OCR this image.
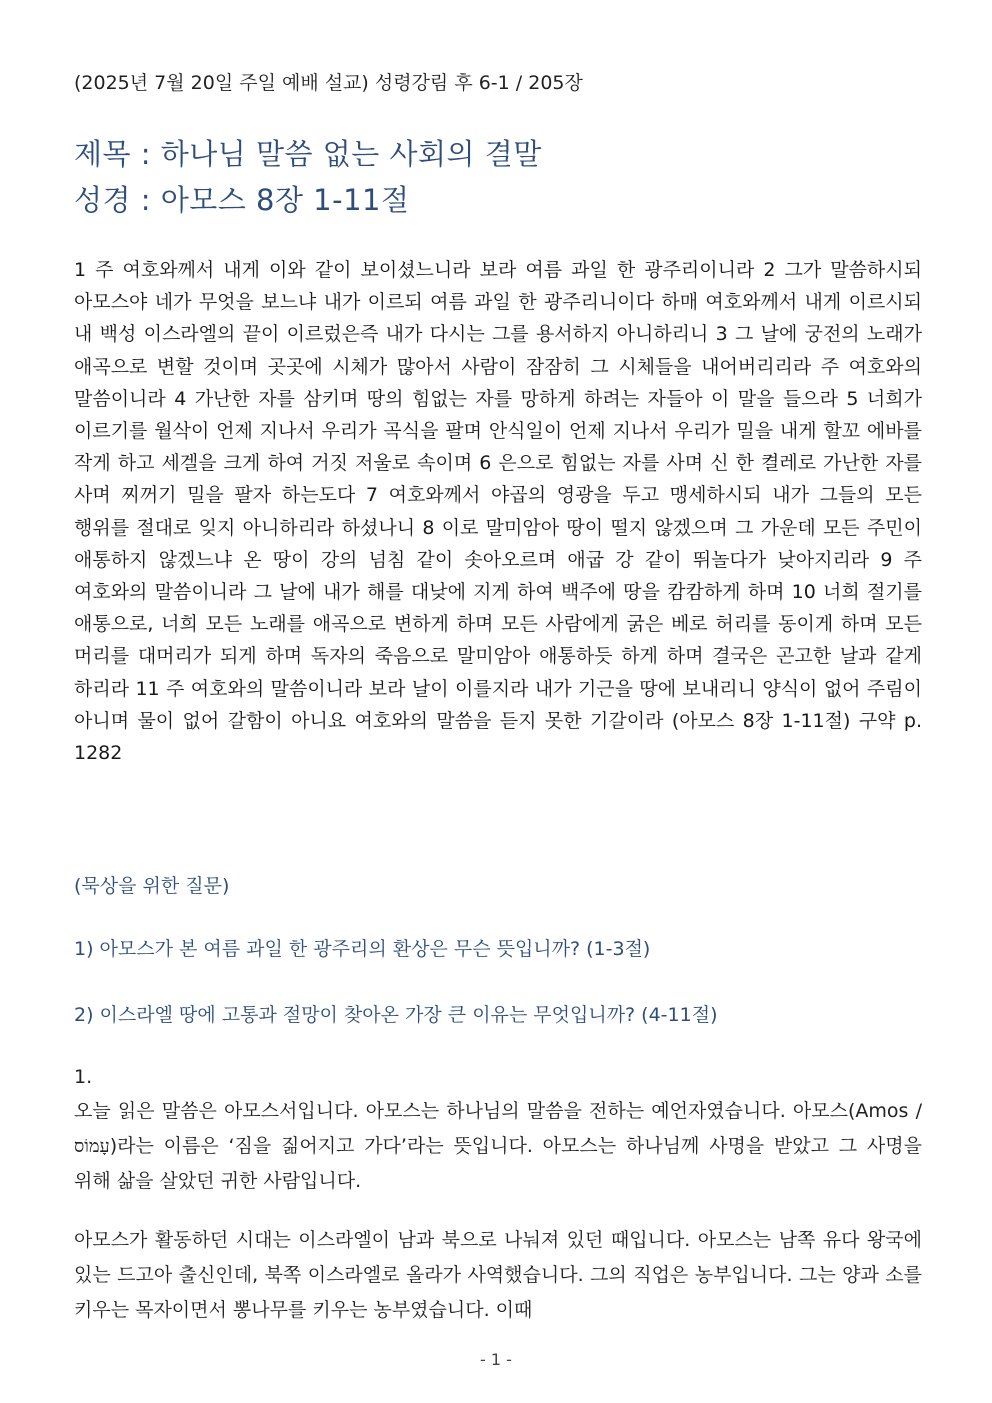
(2025년 7월 20일 주일 예배 설교) 성령강림 후 6-1 / 205장
제목 : 하나님 말씀 없는 사회의 결말
성경 : 아모스 8장 1-11절
1 주 여호와께서 내게 이와 같이 보이셨느니라 보라 여름 과일 한 광주리이니라 2 그가 말씀하시되 아모스야 네가 무엇을 보느냐 내가 이르되 여름 과일 한 광주리니이다 하매 여호와께서 내게 이르시되 내 백성 이스라엘의 끝이 이르렀은즉 내가 다시는 그를 용서하지 아니하리니 3 그 날에 궁전의 노래가 애곡으로 변할 것이며 곳곳에 시체가 많아서 사람이 잠잠히 그 시체들을 내어버리리라 주 여호와의 말씀이니라 4 가난한 자를 삼키며 땅의 힘없는 자를 망하게 하려는 자들아 이 말을 들으라 5 너희가 이르기를 월삭이 언제 지나서 우리가 곡식을 팔며 안식일이 언제 지나서 우리가 밀을 내게 할꼬 에바를 작게 하고 세겔을 크게 하여 거짓 저울로 속이며 6 은으로 힘없는 자를 사며 신 한 켤레로 가난한 자를 사며 찌꺼기 밀을 팔자 하는도다 7 여호와께서 야곱의 영광을 두고 맹세하시되 내가 그들의 모든 행위를 절대로 잊지 아니하리라 하셨나니 8 이로 말미암아 땅이 떨지 않겠으며 그 가운데 모든 주민이 애통하지 않겠느냐 온 땅이 강의 넘침 같이 솟아오르며 애굽 강 같이 뛰놀다가 낮아지리라 9 주 여호와의 말씀이니라 그 날에 내가 해를 대낮에 지게 하여 백주에 땅을 캄캄하게 하며 10 너희 절기를 애통으로, 너희 모든 노래를 애곡으로 변하게 하며 모든 사람에게 굵은 베로 허리를 동이게 하며 모든 머리를 대머리가 되게 하며 독자의 죽음으로 말미암아 애통하듯 하게 하며 결국은 곤고한 날과 같게 하리라 11 주 여호와의 말씀이니라 보라 날이 이를지라 내가 기근을 땅에 보내리니 양식이 없어 주림이 아니며 물이 없어 갈함이 아니요 여호와의 말씀을 듣지 못한 기갈이라 (아모스 8장 1-11절) 구약 p. 1282
(묵상을 위한 질문)
1) 아모스가 본 여름 과일 한 광주리의 환상은 무슨 뜻입니까? (1-3절)
2) 이스라엘 땅에 고통과 절망이 찾아온 가장 큰 이유는 무엇입니까? (4-11절)
1.
오늘 읽은 말씀은 아모스서입니다. 아모스는 하나님의 말씀을 전하는 예언자였습니다. 아모스(Amos / עָמוֹס)라는 이름은 ‘짐을 짊어지고 가다’라는 뜻입니다. 아모스는 하나님께 사명을 받았고 그 사명을 위해 삶을 살았던 귀한 사람입니다.
아모스가 활동하던 시대는 이스라엘이 남과 북으로 나눠져 있던 때입니다. 아모스는 남쪽 유다 왕국에 있는 드고아 출신인데, 북쪽 이스라엘로 올라가 사역했습니다. 그의 직업은 농부입니다. 그는 양과 소를 키우는 목자이면서 뽕나무를 키우는 농부였습니다. 이때
- 1 -
